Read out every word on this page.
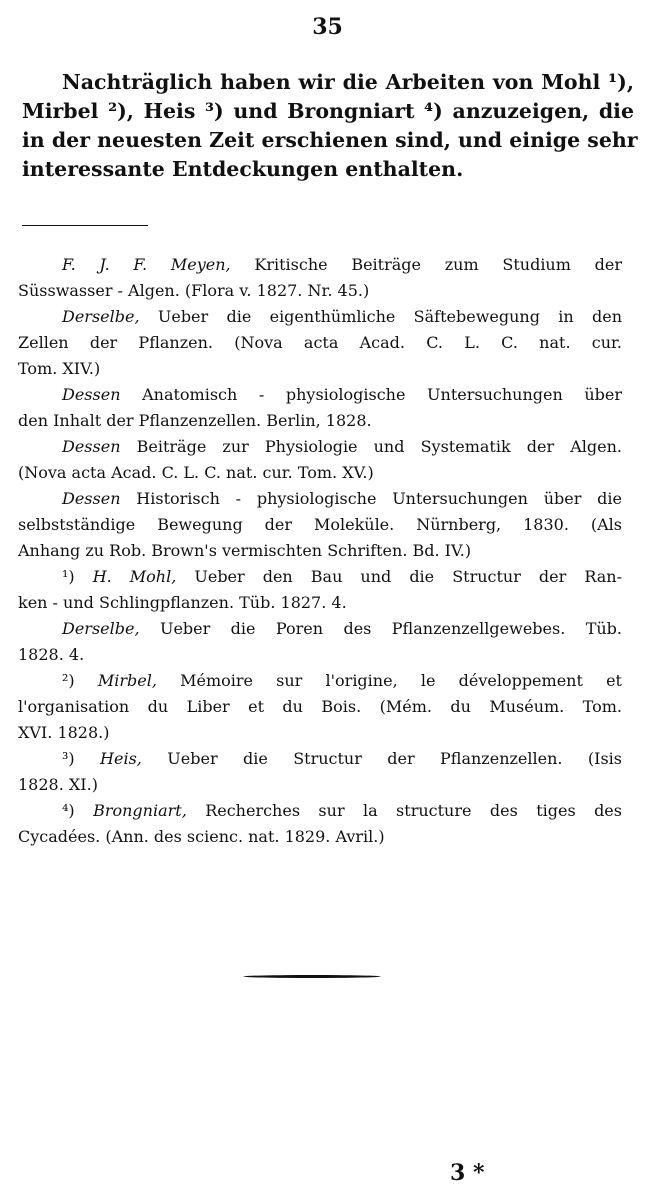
35
Nachträglich haben wir die Arbeiten von Mohl ¹),
Mirbel ²), Heis ³) und Brongniart ⁴) anzuzeigen, die
in der neuesten Zeit erschienen sind, und einige sehr
interessante Entdeckungen enthalten.
F. J. F. Meyen, Kritische Beiträge zum Studium der
Süsswasser - Algen. (Flora v. 1827. Nr. 45.)
Derselbe, Ueber die eigenthümliche Säftebewegung in den
Zellen der Pflanzen. (Nova acta Acad. C. L. C. nat. cur.
Tom. XIV.)
Dessen Anatomisch - physiologische Untersuchungen über
den Inhalt der Pflanzenzellen. Berlin, 1828.
Dessen Beiträge zur Physiologie und Systematik der Algen.
(Nova acta Acad. C. L. C. nat. cur. Tom. XV.)
Dessen Historisch - physiologische Untersuchungen über die
selbstständige Bewegung der Moleküle. Nürnberg, 1830. (Als
Anhang zu Rob. Brown's vermischten Schriften. Bd. IV.)
¹) H. Mohl, Ueber den Bau und die Structur der Ran-
ken - und Schlingpflanzen. Tüb. 1827. 4.
Derselbe, Ueber die Poren des Pflanzenzellgewebes. Tüb.
1828. 4.
²) Mirbel, Mémoire sur l'origine, le développement et
l'organisation du Liber et du Bois. (Mém. du Muséum. Tom.
XVI. 1828.)
³) Heis, Ueber die Structur der Pflanzenzellen. (Isis
1828. XI.)
⁴) Brongniart, Recherches sur la structure des tiges des
Cycadées. (Ann. des scienc. nat. 1829. Avril.)
3 *
